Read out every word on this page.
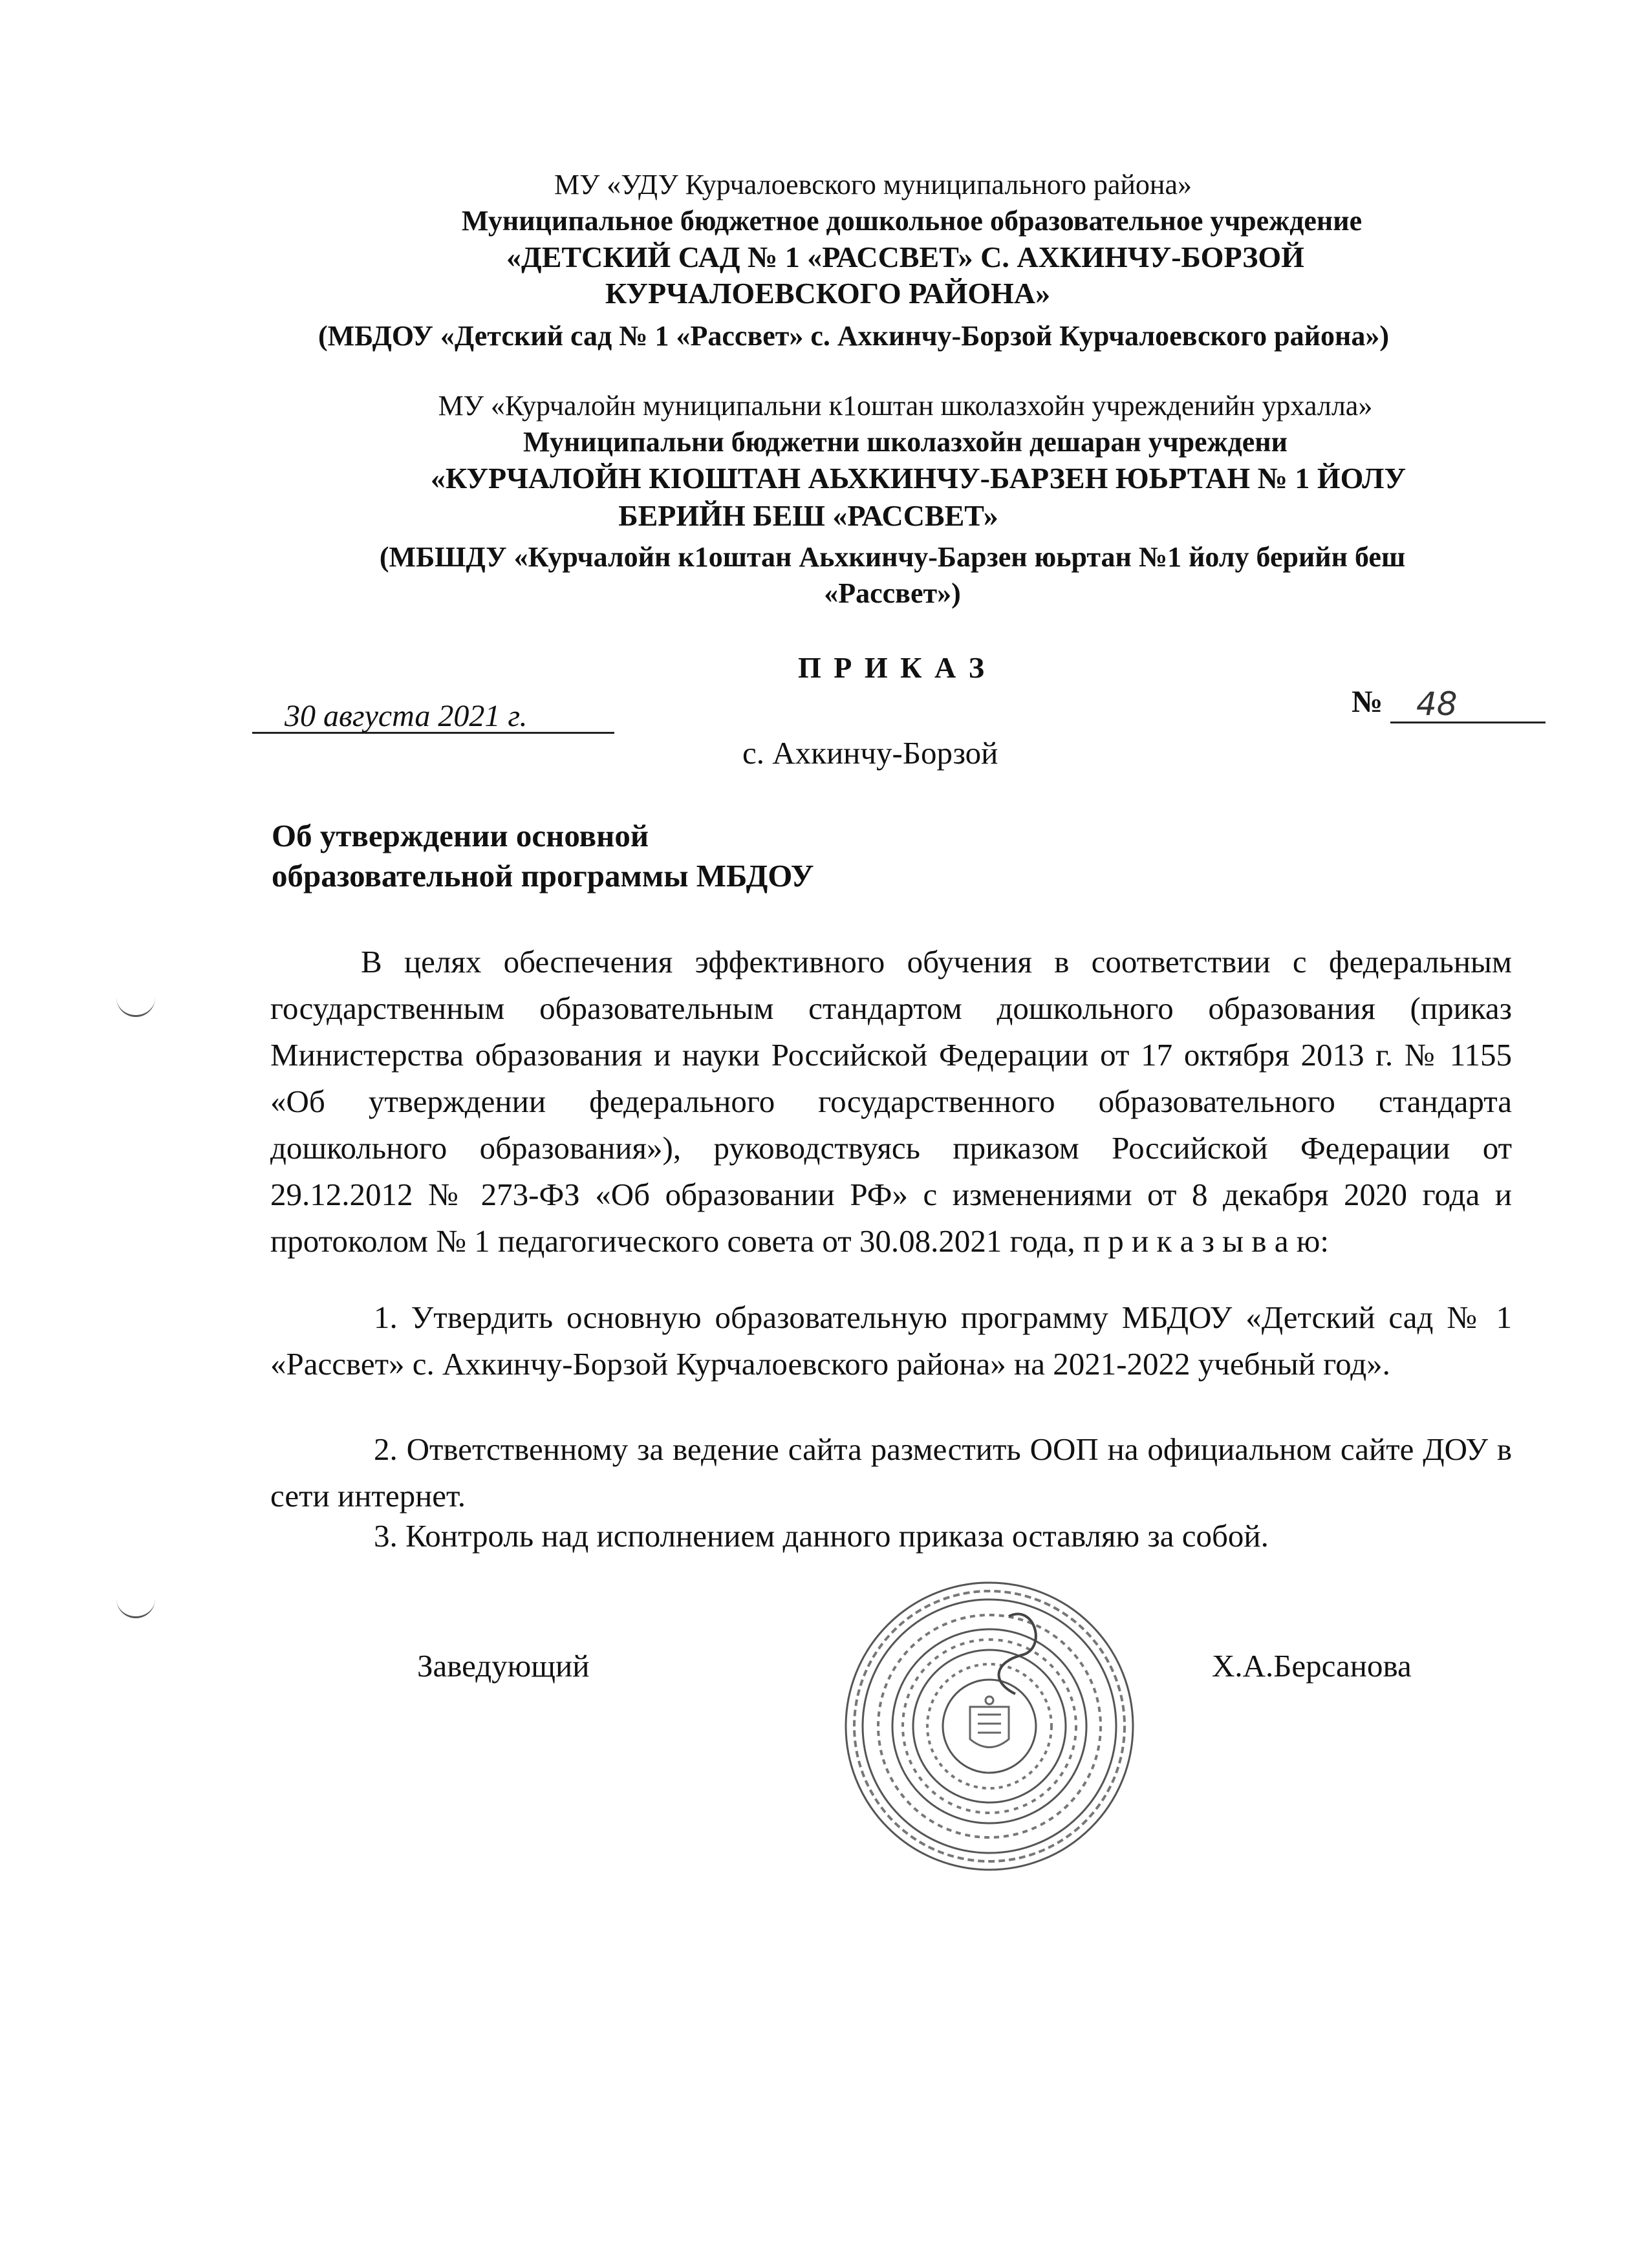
МУ «УДУ Курчалоевского муниципального района»
Муниципальное бюджетное дошкольное образовательное учреждение
«ДЕТСКИЙ САД № 1 «РАССВЕТ» С. АХКИНЧУ-БОРЗОЙ
КУРЧАЛОЕВСКОГО РАЙОНА»
(МБДОУ «Детский сад № 1 «Рассвет» с. Ахкинчу-Борзой Курчалоевского района»)
МУ «Курчалойн муниципальни к1оштан школазхойн учрежденийн урхалла»
Муниципальни бюджетни школазхойн дешаран учреждени
«КУРЧАЛОЙН КIОШТАН АЬХКИНЧУ-БАРЗЕН ЮЬРТАН № 1 ЙОЛУ
БЕРИЙН БЕШ «РАССВЕТ»
(МБШДУ «Курчалойн к1оштан Аьхкинчу-Барзен юьртан №1 йолу берийн беш
«Рассвет»)
П Р И К А З
30 августа 2021 г.	№	48
с. Ахкинчу-Борзой
Об утверждении основной
образовательной программы МБДОУ
В целях обеспечения эффективного обучения в соответствии с федеральным государственным образовательным стандартом дошкольного образования (приказ Министерства образования и науки Российской Федерации от 17 октября 2013 г. № 1155 «Об утверждении федерального государственного образовательного стандарта дошкольного образования»), руководствуясь приказом Российской Федерации от 29.12.2012 № 273-ФЗ «Об образовании РФ» с изменениями от 8 декабря 2020 года и протоколом № 1 педагогического совета от 30.08.2021 года, п р и к а з ы в а ю:
1. Утвердить основную образовательную программу МБДОУ «Детский сад № 1 «Рассвет» с. Ахкинчу-Борзой Курчалоевского района» на 2021-2022 учебный год».
2. Ответственному за ведение сайта разместить ООП на официальном сайте ДОУ в сети интернет.
3. Контроль над исполнением данного приказа оставляю за собой.
Заведующий	Х.А.Берсанова
